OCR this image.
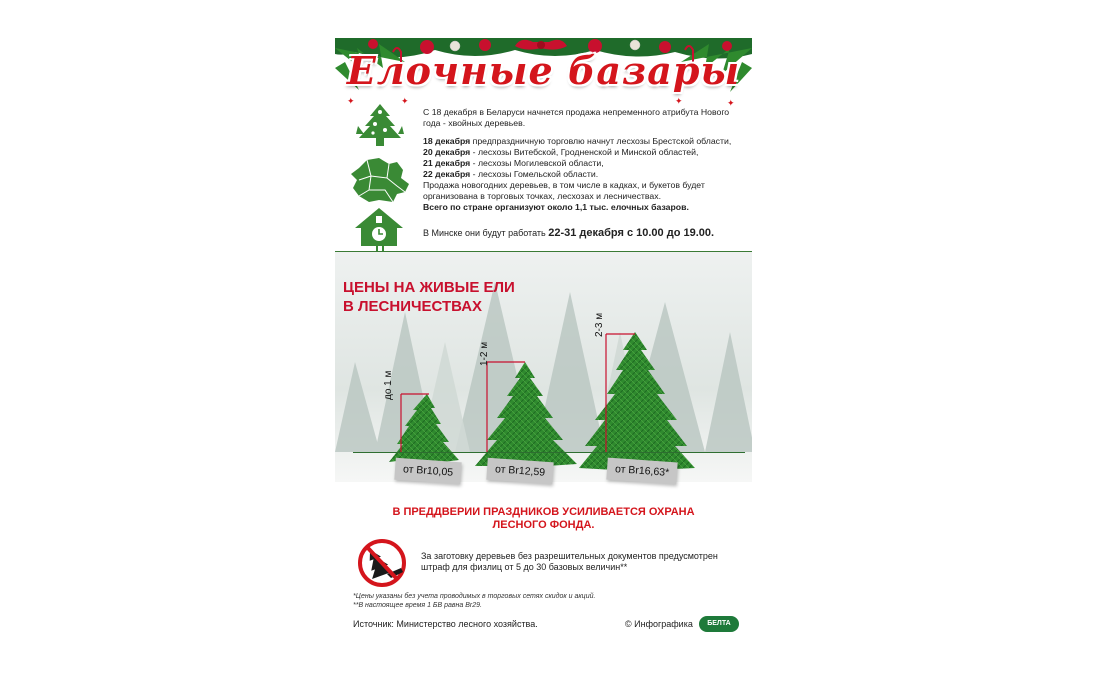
Елочные базары
✦	✦	✦	✦
С 18 декабря в Беларуси начнется продажа непременного атрибута Нового года - хвойных деревьев.
18 декабря предпраздничную торговлю начнут лесхозы Брестской области,
20 декабря - лесхозы Витебской, Гродненской и Минской областей,
21 декабря - лесхозы Могилевской области,
22 декабря - лесхозы Гомельской области.
Продажа новогодних деревьев, в том числе в кадках, и букетов будет организована в торговых точках, лесхозах и лесничествах.
Всего по стране организуют около 1,1 тыс. елочных базаров.
В Минске они будут работать 22-31 декабря с 10.00 до 19.00.
ЦЕНЫ НА ЖИВЫЕ ЕЛИ
В ЛЕСНИЧЕСТВАХ
до 1 м
1-2 м
2-3 м
от Br10,05	от Br12,59	от Br16,63*
В ПРЕДДВЕРИИ ПРАЗДНИКОВ УСИЛИВАЕТСЯ ОХРАНА
ЛЕСНОГО ФОНДА.
За заготовку деревьев без разрешительных документов предусмотрен штраф для физлиц от 5 до 30 базовых величин**
*Цены указаны без учета проводимых в торговых сетях скидок и акций.
**В настоящее время 1 БВ равна Br29.
Источник: Министерство лесного хозяйства.	© Инфографика	БЕЛТА
